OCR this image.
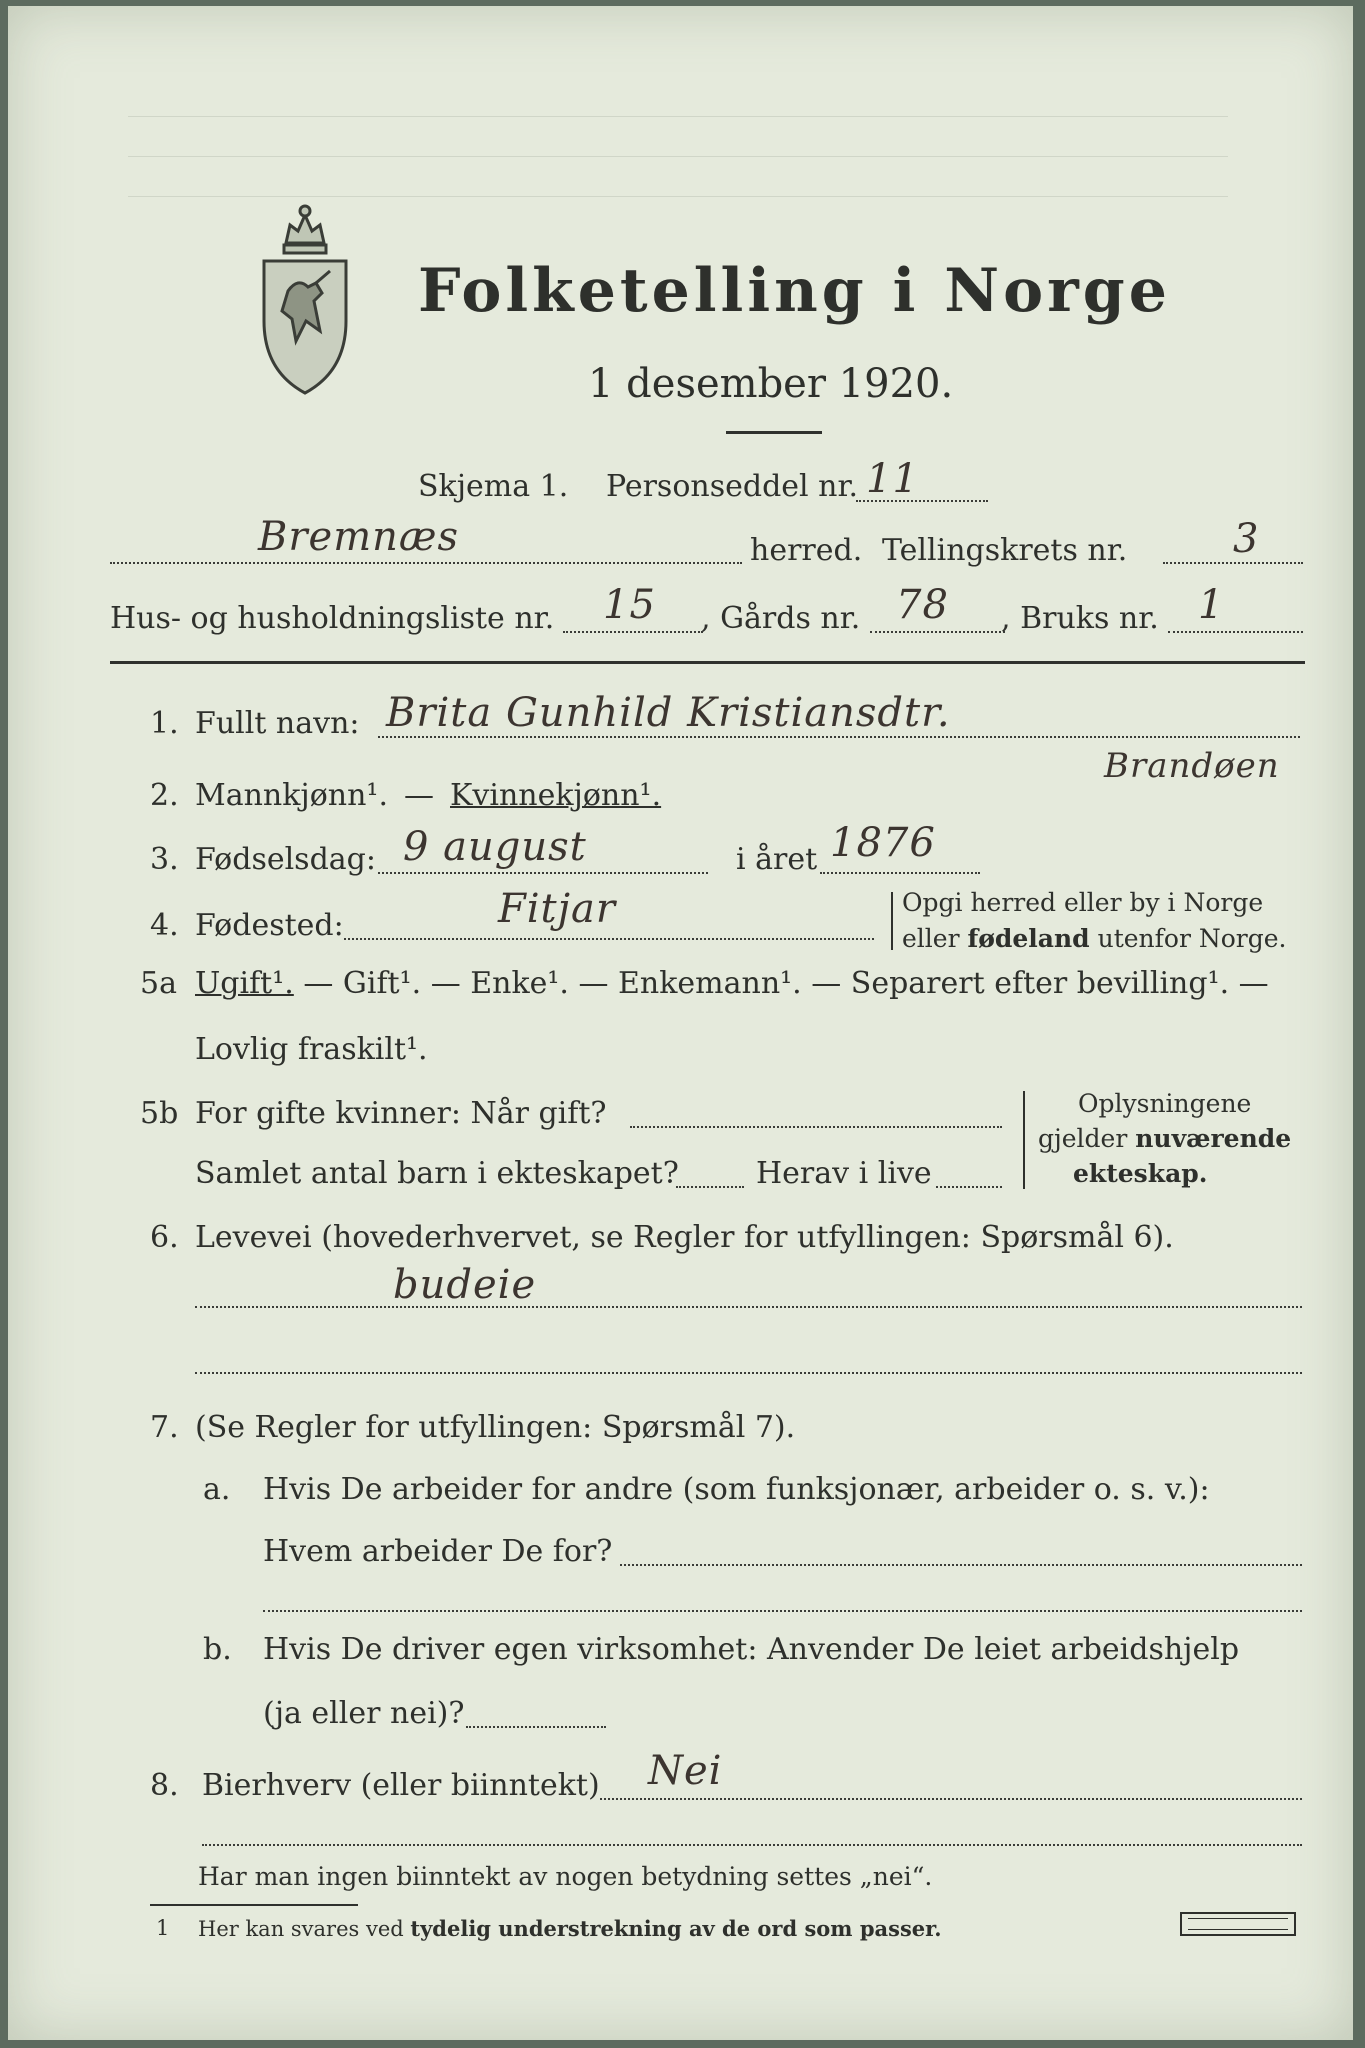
Folketelling i Norge
1 desember 1920.
Skjema 1. Personseddel nr. 11
Bremnæs	herred. Tellingskrets nr.	3
Hus- og husholdningsliste nr. 15 , Gårds nr. 78 , Bruks nr. 1
1. Fullt navn: Brita Gunhild Kristiansdtr.
Brandøen
2. Mannkjønn¹. — Kvinnekjønn¹.
3. Fødselsdag: 9 august	i året 1876
4. Fødested:	Fitjar	Opgi herred eller by i Norge
eller fødeland utenfor Norge.
5a Ugift¹. — Gift¹. — Enke¹. — Enkemann¹. — Separert efter bevilling¹. —
Lovlig fraskilt¹.
5b For gifte kvinner: Når gift?
Samlet antal barn i ekteskapet?	Herav i live
Oplysningene
gjelder nuværende
ekteskap.
6. Levevei (hovederhvervet, se Regler for utfyllingen: Spørsmål 6).
budeie
7. (Se Regler for utfyllingen: Spørsmål 7).
a. Hvis De arbeider for andre (som funksjonær, arbeider o. s. v.):
Hvem arbeider De for?
b. Hvis De driver egen virksomhet: Anvender De leiet arbeidshjelp
(ja eller nei)?
8. Bierhverv (eller biinntekt) Nei
Har man ingen biinntekt av nogen betydning settes „nei“.
1 Her kan svares ved tydelig understrekning av de ord som passer.
